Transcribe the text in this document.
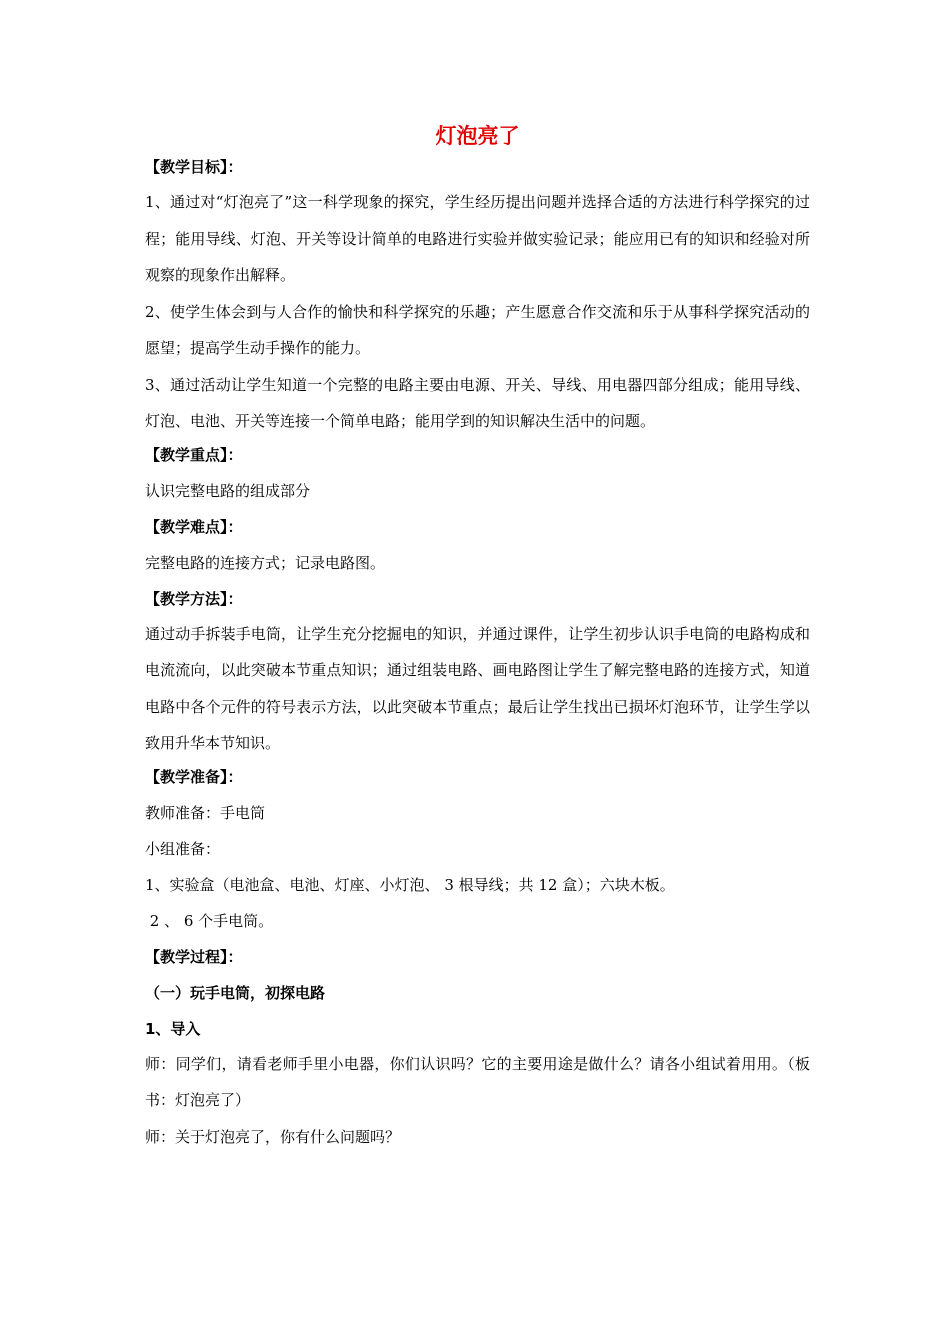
灯泡亮了
【教学目标】：
1、通过对“灯泡亮了”这一科学现象的探究，学生经历提出问题并选择合适的方法进行科学探究的过程；能用导线、灯泡、开关等设计简单的电路进行实验并做实验记录；能应用已有的知识和经验对所观察的现象作出解释。
2、使学生体会到与人合作的愉快和科学探究的乐趣；产生愿意合作交流和乐于从事科学探究活动的愿望；提高学生动手操作的能力。
3、通过活动让学生知道一个完整的电路主要由电源、开关、导线、用电器四部分组成；能用导线、灯泡、电池、开关等连接一个简单电路；能用学到的知识解决生活中的问题。
【教学重点】：
认识完整电路的组成部分
【教学难点】：
完整电路的连接方式；记录电路图。
【教学方法】：
通过动手拆装手电筒，让学生充分挖掘电的知识，并通过课件，让学生初步认识手电筒的电路构成和电流流向，以此突破本节重点知识；通过组装电路、画电路图让学生了解完整电路的连接方式，知道电路中各个元件的符号表示方法，以此突破本节重点；最后让学生找出已损坏灯泡环节，让学生学以致用升华本节知识。
【教学准备】：
教师准备：手电筒
小组准备：
1、实验盒（电池盒、电池、灯座、小灯泡、 3 根导线；共 12 盒）；六块木板。
2 、 6 个手电筒。
【教学过程】：
（一）玩手电筒，初探电路
1、导入
师：同学们，请看老师手里小电器，你们认识吗？它的主要用途是做什么？请各小组试着用用。（板书：灯泡亮了）
师：关于灯泡亮了，你有什么问题吗？
